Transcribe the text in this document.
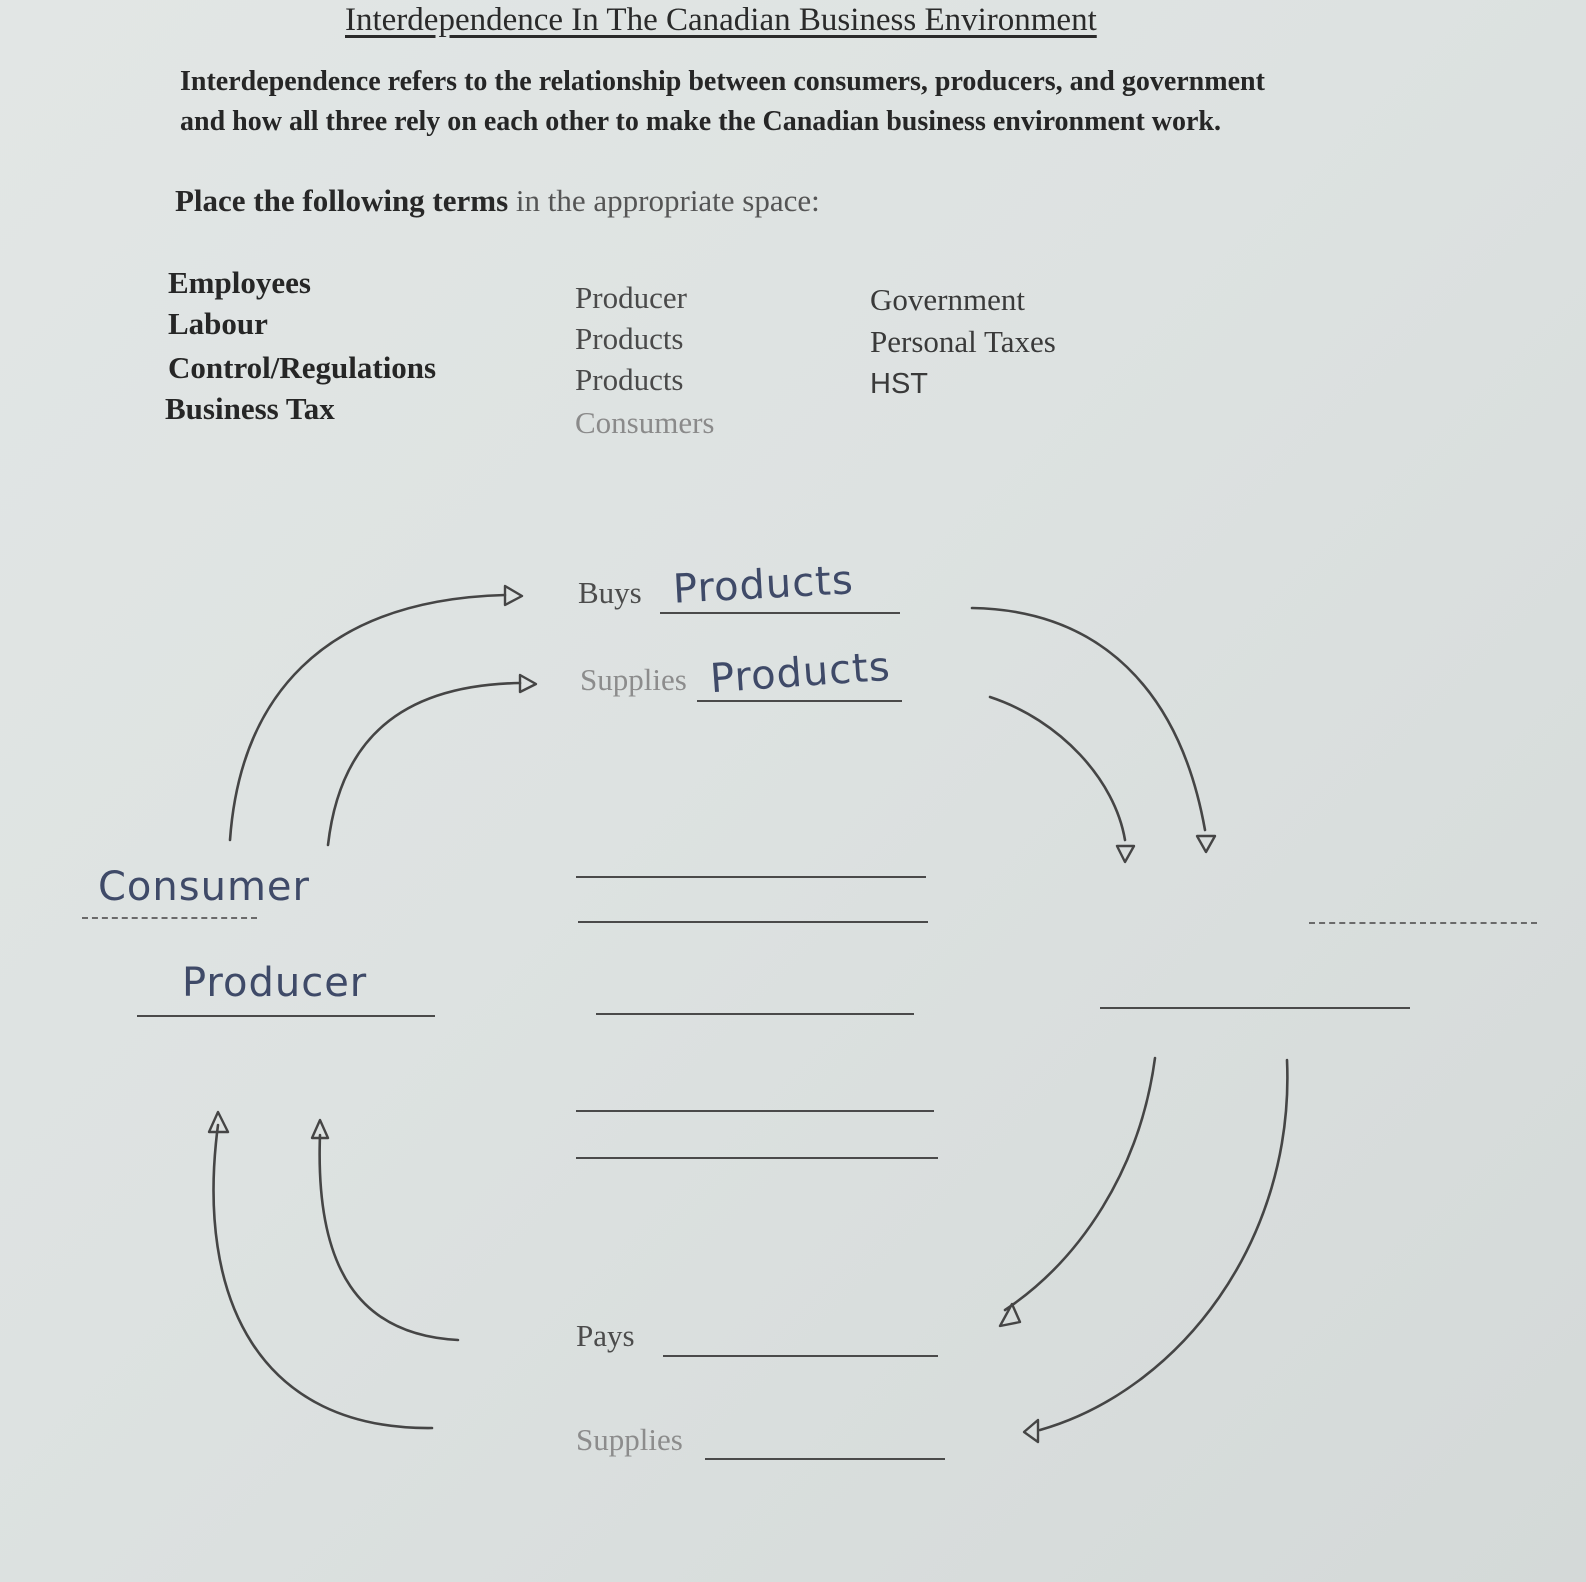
Interdependence In The Canadian Business Environment
Interdependence refers to the relationship between consumers, producers, and government
and how all three rely on each other to make the Canadian business environment work.
Place the following terms in the appropriate space:
Employees
Labour
Control/Regulations
Business Tax
Producer
Products
Products
Consumers
Government
Personal Taxes
HST
Buys Products
Supplies Products
Consumer
Producer
Pays
Supplies
